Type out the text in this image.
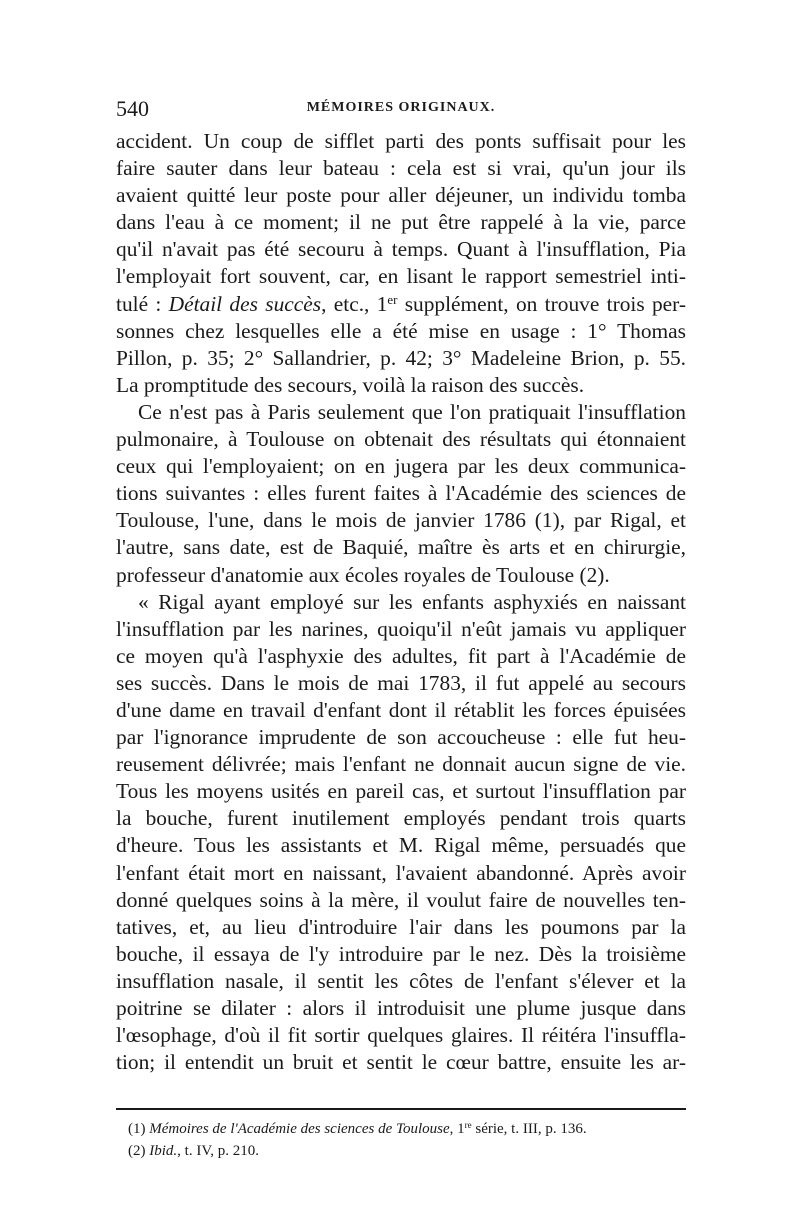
540	MÉMOIRES ORIGINAUX.
accident. Un coup de sifflet parti des ponts suffisait pour les
faire sauter dans leur bateau : cela est si vrai, qu'un jour ils
avaient quitté leur poste pour aller déjeuner, un individu tomba
dans l'eau à ce moment; il ne put être rappelé à la vie, parce
qu'il n'avait pas été secouru à temps. Quant à l'insufflation, Pia
l'employait fort souvent, car, en lisant le rapport semestriel inti-
tulé : Détail des succès, etc., 1er supplément, on trouve trois per-
sonnes chez lesquelles elle a été mise en usage : 1° Thomas
Pillon, p. 35; 2° Sallandrier, p. 42; 3° Madeleine Brion, p. 55.
La promptitude des secours, voilà la raison des succès.
Ce n'est pas à Paris seulement que l'on pratiquait l'insufflation
pulmonaire, à Toulouse on obtenait des résultats qui étonnaient
ceux qui l'employaient; on en jugera par les deux communica-
tions suivantes : elles furent faites à l'Académie des sciences de
Toulouse, l'une, dans le mois de janvier 1786 (1), par Rigal, et
l'autre, sans date, est de Baquié, maître ès arts et en chirurgie,
professeur d'anatomie aux écoles royales de Toulouse (2).
« Rigal ayant employé sur les enfants asphyxiés en naissant
l'insufflation par les narines, quoiqu'il n'eût jamais vu appliquer
ce moyen qu'à l'asphyxie des adultes, fit part à l'Académie de
ses succès. Dans le mois de mai 1783, il fut appelé au secours
d'une dame en travail d'enfant dont il rétablit les forces épuisées
par l'ignorance imprudente de son accoucheuse : elle fut heu-
reusement délivrée; mais l'enfant ne donnait aucun signe de vie.
Tous les moyens usités en pareil cas, et surtout l'insufflation par
la bouche, furent inutilement employés pendant trois quarts
d'heure. Tous les assistants et M. Rigal même, persuadés que
l'enfant était mort en naissant, l'avaient abandonné. Après avoir
donné quelques soins à la mère, il voulut faire de nouvelles ten-
tatives, et, au lieu d'introduire l'air dans les poumons par la
bouche, il essaya de l'y introduire par le nez. Dès la troisième
insufflation nasale, il sentit les côtes de l'enfant s'élever et la
poitrine se dilater : alors il introduisit une plume jusque dans
l'œsophage, d'où il fit sortir quelques glaires. Il réitéra l'insuffla-
tion; il entendit un bruit et sentit le cœur battre, ensuite les ar-
(1) Mémoires de l'Académie des sciences de Toulouse, 1re série, t. III, p. 136.
(2) Ibid., t. IV, p. 210.
